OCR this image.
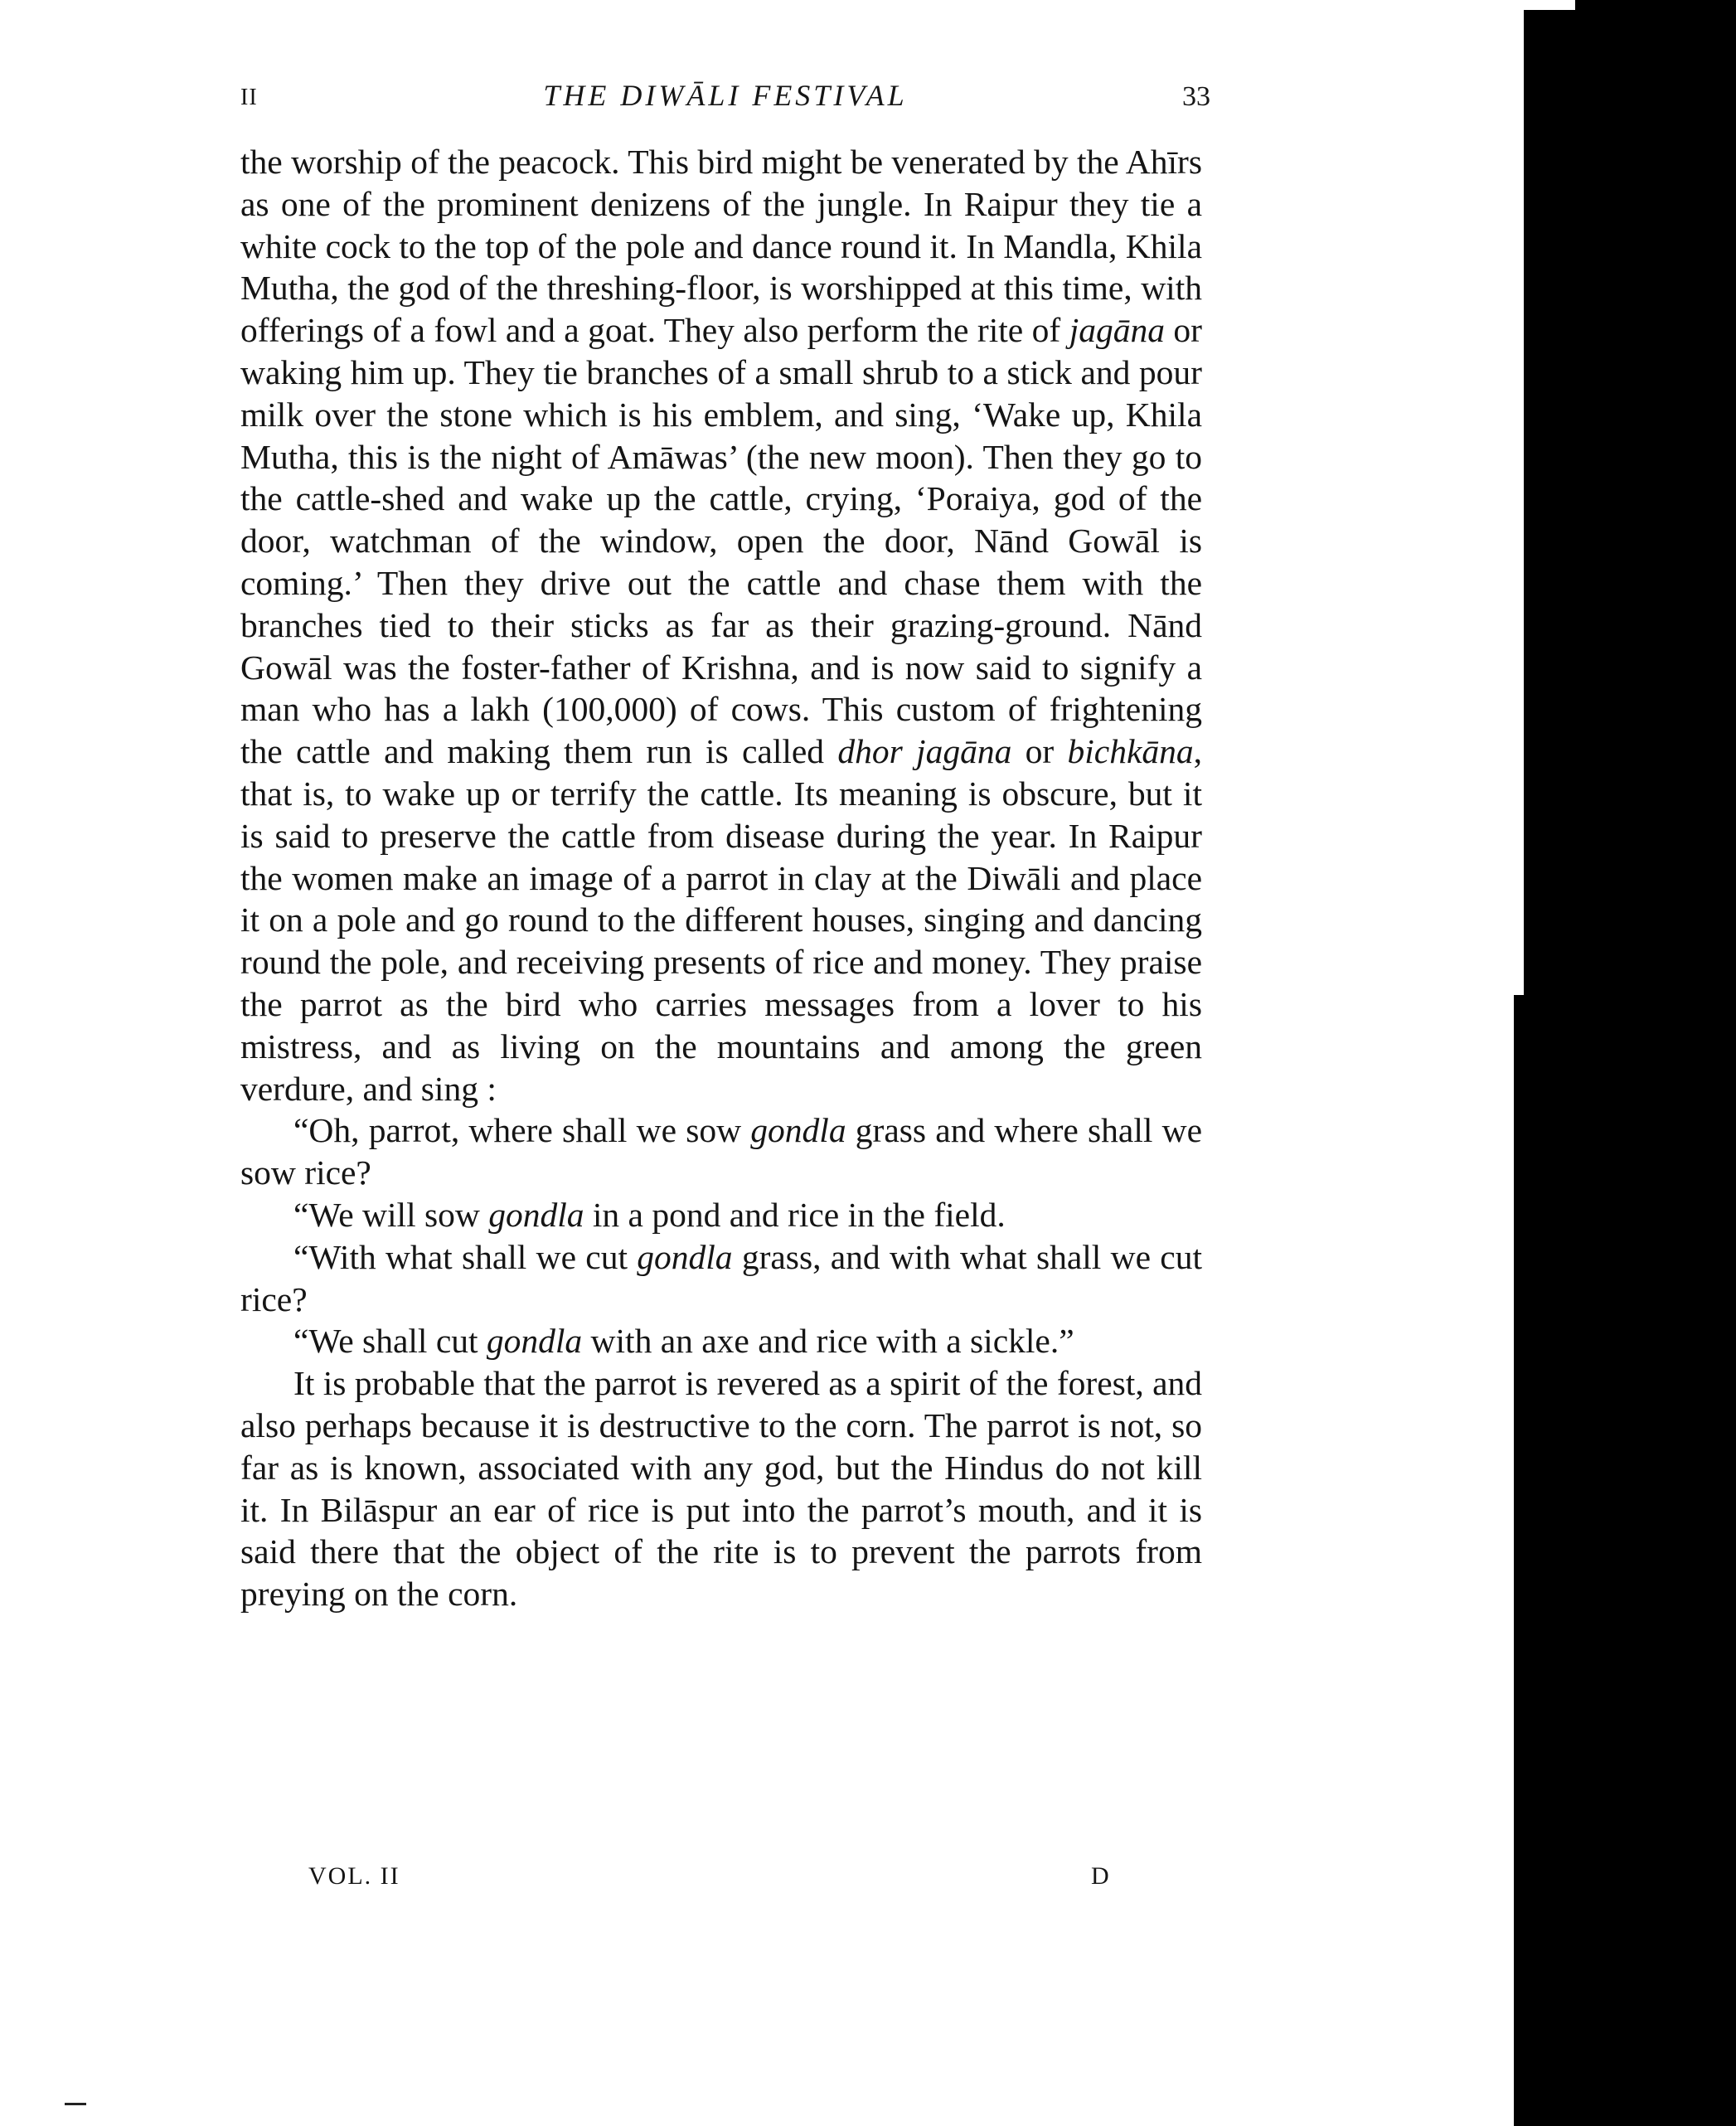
II	THE DIWĀLI FESTIVAL	33

the worship of the peacock. This bird might be venerated by the Ahīrs as one of the prominent denizens of the jungle. In Raipur they tie a white cock to the top of the pole and dance round it. In Mandla, Khila Mutha, the god of the threshing-floor, is worshipped at this time, with offerings of a fowl and a goat. They also perform the rite of jagāna or waking him up. They tie branches of a small shrub to a stick and pour milk over the stone which is his emblem, and sing, ‘Wake up, Khila Mutha, this is the night of Amāwas’ (the new moon). Then they go to the cattle-shed and wake up the cattle, crying, ‘Poraiya, god of the door, watchman of the window, open the door, Nānd Gowāl is coming.’ Then they drive out the cattle and chase them with the branches tied to their sticks as far as their grazing-ground. Nānd Gowāl was the foster-father of Krishna, and is now said to signify a man who has a lakh (100,000) of cows. This custom of frightening the cattle and making them run is called dhor jagāna or bichkāna, that is, to wake up or terrify the cattle. Its meaning is obscure, but it is said to preserve the cattle from disease during the year. In Raipur the women make an image of a parrot in clay at the Diwāli and place it on a pole and go round to the different houses, singing and dancing round the pole, and receiving presents of rice and money. They praise the parrot as the bird who carries messages from a lover to his mistress, and as living on the mountains and among the green verdure, and sing :

“Oh, parrot, where shall we sow gondla grass and where shall we sow rice?

“We will sow gondla in a pond and rice in the field.

“With what shall we cut gondla grass, and with what shall we cut rice?

“We shall cut gondla with an axe and rice with a sickle.”

It is probable that the parrot is revered as a spirit of the forest, and also perhaps because it is destructive to the corn. The parrot is not, so far as is known, associated with any god, but the Hindus do not kill it. In Bilāspur an ear of rice is put into the parrot’s mouth, and it is said there that the object of the rite is to prevent the parrots from preying on the corn.

VOL. II	D
